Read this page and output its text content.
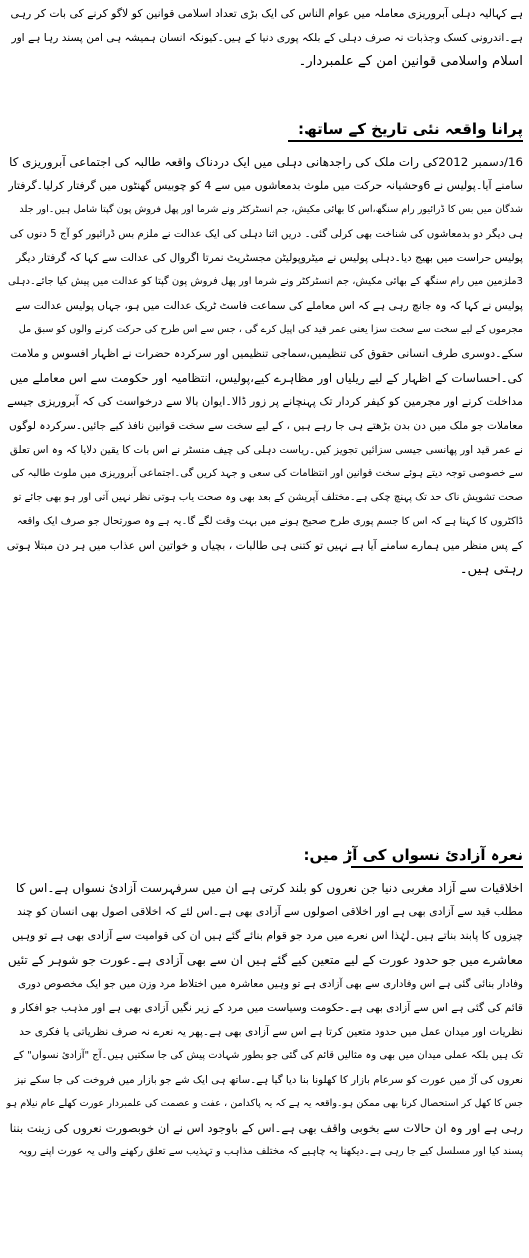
ہے کہالیہ دہلی آبروریزی معاملہ میں عوام الناس کی ایک بڑی تعداد اسلامی قوانین کو لاگو کرنے کی بات کر رہی
ہے۔اندرونی کسک وجذبات نہ صرف دہلی کے بلکہ پوری دنیا کے ہیں۔کیونکہ انسان ہمیشہ ہی امن پسند رہا ہے اور
اسلام واسلامی قوانین امن کے علمبردار۔
پرانا واقعہ نئی تاریخ کے ساتھ:
16/دسمبر 2012کی رات ملک کی راجدھانی دہلی میں ایک دردناک واقعہ طالبہ کی اجتماعی آبروریزی کا
سامنے آیا۔پولیس نے 6وحشیانہ حرکت میں ملوث بدمعاشوں میں سے 4 کو چوبیس گھنٹوں میں گرفتار کرلیا۔گرفتار
شدگان میں بس کا ڈرائیور رام سنگھ،اس کا بھائی مکیش، جم انسٹرکٹر ونے شرما اور پھل فروش پون گپتا شامل ہیں۔اور جلد
ہی دیگر دو بدمعاشوں کی شناخت بھی کرلی گئی۔ دریں اثنا دہلی کی ایک عدالت نے ملزم بس ڈرائیور کو آج 5 دنوں کی
پولیس حراست میں بھیج دیا۔دہلی پولیس نے میٹروپولیٹن مجسٹریٹ نمرتا اگروال کی عدالت سے کہا کہ گرفتار دیگر
3ملزمین میں رام سنگھ کے بھائی مکیش، جم انسٹرکٹر ونے شرما اور پھل فروش پون گپتا کو عدالت میں پیش کیا جائے۔دہلی
پولیس نے کہا کہ وہ جانچ رہی ہے کہ اس معاملے کی سماعت فاسٹ ٹریک عدالت میں ہو، جہاں پولیس عدالت سے
مجرموں کے لیے سخت سے سخت سزا یعنی عمر قید کی اپیل کرے گی ، جس سے اس طرح کی حرکت کرنے والوں کو سبق مل
سکے۔دوسری طرف انسانی حقوق کی تنظیمیں،سماجی تنظیمیں اور سرکردہ حضرات نے اظہار افسوس و ملامت
کی۔احساسات کے اظہار کے لیے ریلیاں اور مظاہرے کیے،پولیس، انتظامیہ اور حکومت سے اس معاملے میں
مداخلت کرنے اور مجرمین کو کیفر کردار تک پہنچانے پر زور ڈالا۔ایوان بالا سے درخواست کی کہ آبروریزی جیسے
معاملات جو ملک میں دن بدن بڑھتے ہی جا رہے ہیں ، کے لیے سخت سے سخت قوانین نافذ کیے جائیں۔سرکردہ لوگوں
نے عمر قید اور پھانسی جیسی سزائیں تجویز کیں۔ریاست دہلی کی چیف منسٹر نے اس بات کا یقین دلایا کہ وہ اس تعلق
سے خصوصی توجہ دیتے ہوئے سخت قوانین اور انتظامات کی سعی و جہد کریں گی۔اجتماعی آبروریزی میں ملوث طالبہ کی
صحت تشویش ناک حد تک پہنچ چکی ہے۔مختلف آپریشن کے بعد بھی وہ صحت یاب ہوتی نظر نہیں آتی اور ہو بھی جائے تو
ڈاکٹروں کا کہنا ہے کہ اس کا جسم پوری طرح صحیح ہونے میں بہت وقت لگے گا۔یہ ہے وہ صورتحال جو صرف ایک واقعہ
کے پس منظر میں ہمارے سامنے آیا ہے نہیں تو کتنی ہی طالبات ، بچیاں و خواتین اس عذاب میں ہر دن مبتلا ہوتی
رہتی ہیں۔
نعرہ آزادیٔ نسواں کی آڑ میں:
اخلاقیات سے آزاد مغربی دنیا جن نعروں کو بلند کرتی ہے ان میں سرفہرست آزادیٔ نسواں ہے۔اس کا
مطلب قید سے آزادی بھی ہے اور اخلاقی اصولوں سے آزادی بھی ہے۔اس لئے کہ اخلاقی اصول بھی انسان کو چند
چیزوں کا پابند بناتے ہیں۔لہٰذا اس نعرے میں مرد جو قوام بنائے گئے ہیں ان کی قوامیت سے آزادی بھی ہے تو وہیں
معاشرے میں جو حدود عورت کے لیے متعین کیے گئے ہیں ان سے بھی آزادی ہے۔عورت جو شوہر کے تئیں
وفادار بنائی گئی ہے اس وفاداری سے بھی آزادی ہے تو وہیں معاشرہ میں اختلاط مرد وزن میں جو ایک مخصوص دوری
قائم کی گئی ہے اس سے آزادی بھی ہے۔حکومت وسیاست میں مرد کے زیر نگیں آزادی بھی ہے اور مذہب جو افکار و
نظریات اور میدان عمل میں حدود متعین کرتا ہے اس سے آزادی بھی ہے۔پھر یہ نعرے نہ صرف نظریاتی یا فکری حد
تک ہیں بلکہ عملی میدان میں بھی وہ مثالیں قائم کی گئی جو بطور شہادت پیش کی جا سکتیں ہیں۔آج "آزادیٔ نسواں" کے
نعروں کی آڑ میں عورت کو سرعام بازار کا کھلونا بنا دیا گیا ہے۔ساتھ ہی ایک شے جو بازار میں فروخت کی جا سکے نیز
جس کا کھل کر استحصال کرنا بھی ممکن ہو۔واقعہ یہ ہے کہ یہ پاکدامن ، عفت و عصمت کی علمبردار عورت کھلے عام نیلام ہو
رہی ہے اور وہ ان حالات سے بخوبی واقف بھی ہے۔اس کے باوجود اس نے ان خوبصورت نعروں کی زینت بننا
پسند کیا اور مسلسل کیے جا رہی ہے۔دیکھنا یہ چاہیے کہ مختلف مذاہب و تہذیب سے تعلق رکھنے والی یہ عورت اپنے رویہ
